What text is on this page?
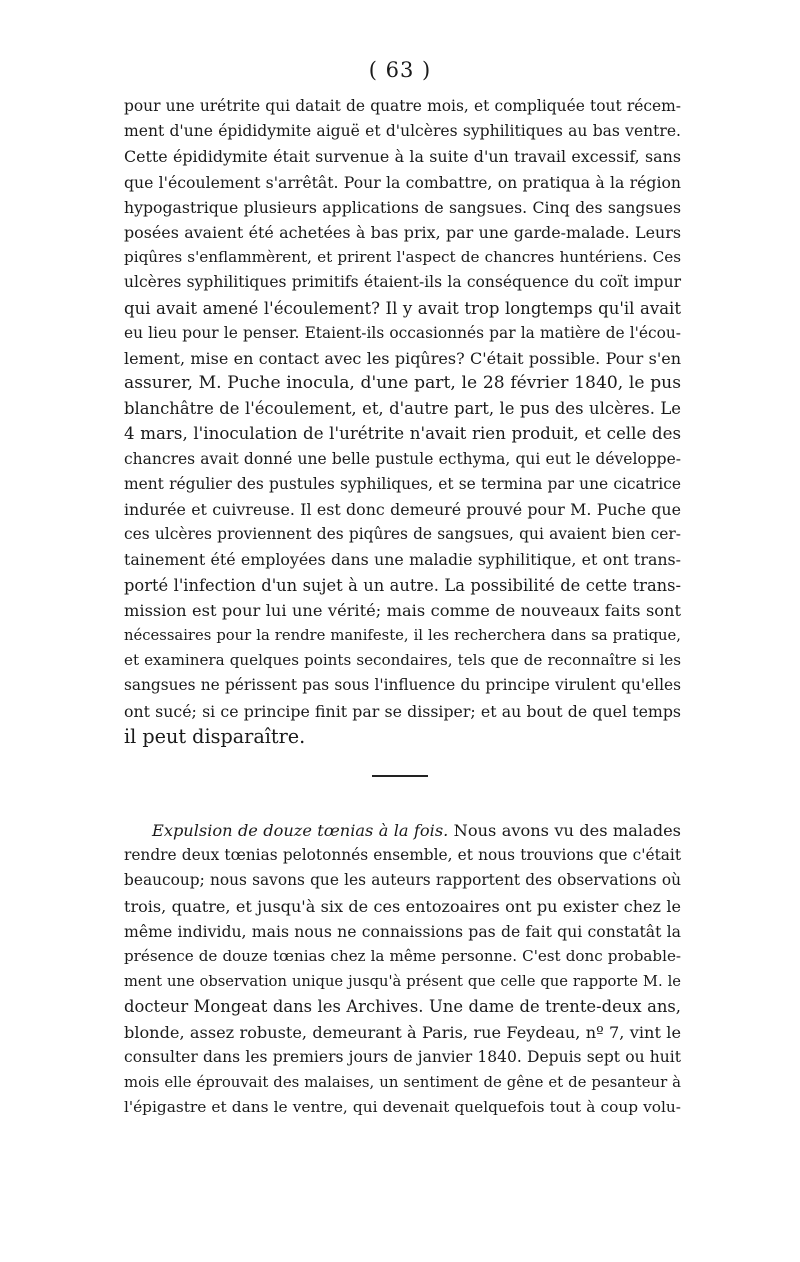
( 63 )
pour une urétrite qui datait de quatre mois, et compliquée tout récem-
ment d'une épididymite aiguë et d'ulcères syphilitiques au bas ventre.
Cette épididymite était survenue à la suite d'un travail excessif, sans
que l'écoulement s'arrêtât. Pour la combattre, on pratiqua à la région
hypogastrique plusieurs applications de sangsues. Cinq des sangsues
posées avaient été achetées à bas prix, par une garde-malade. Leurs
piqûres s'enflammèrent, et prirent l'aspect de chancres huntériens. Ces
ulcères syphilitiques primitifs étaient-ils la conséquence du coït impur
qui avait amené l'écoulement? Il y avait trop longtemps qu'il avait
eu lieu pour le penser. Etaient-ils occasionnés par la matière de l'écou-
lement, mise en contact avec les piqûres? C'était possible. Pour s'en
assurer, M. Puche inocula, d'une part, le 28 février 1840, le pus
blanchâtre de l'écoulement, et, d'autre part, le pus des ulcères. Le
4 mars, l'inoculation de l'urétrite n'avait rien produit, et celle des
chancres avait donné une belle pustule ecthyma, qui eut le développe-
ment régulier des pustules syphiliques, et se termina par une cicatrice
indurée et cuivreuse. Il est donc demeuré prouvé pour M. Puche que
ces ulcères proviennent des piqûres de sangsues, qui avaient bien cer-
tainement été employées dans une maladie syphilitique, et ont trans-
porté l'infection d'un sujet à un autre. La possibilité de cette trans-
mission est pour lui une vérité; mais comme de nouveaux faits sont
nécessaires pour la rendre manifeste, il les recherchera dans sa pratique,
et examinera quelques points secondaires, tels que de reconnaître si les
sangsues ne périssent pas sous l'influence du principe virulent qu'elles
ont sucé; si ce principe finit par se dissiper; et au bout de quel temps
il peut disparaître.
Expulsion de douze tœnias à la fois. Nous avons vu des malades
rendre deux tœnias pelotonnés ensemble, et nous trouvions que c'était
beaucoup; nous savons que les auteurs rapportent des observations où
trois, quatre, et jusqu'à six de ces entozoaires ont pu exister chez le
même individu, mais nous ne connaissions pas de fait qui constatât la
présence de douze tœnias chez la même personne. C'est donc probable-
ment une observation unique jusqu'à présent que celle que rapporte M. le
docteur Mongeat dans les Archives. Une dame de trente-deux ans,
blonde, assez robuste, demeurant à Paris, rue Feydeau, nº 7, vint le
consulter dans les premiers jours de janvier 1840. Depuis sept ou huit
mois elle éprouvait des malaises, un sentiment de gêne et de pesanteur à
l'épigastre et dans le ventre, qui devenait quelquefois tout à coup volu-
